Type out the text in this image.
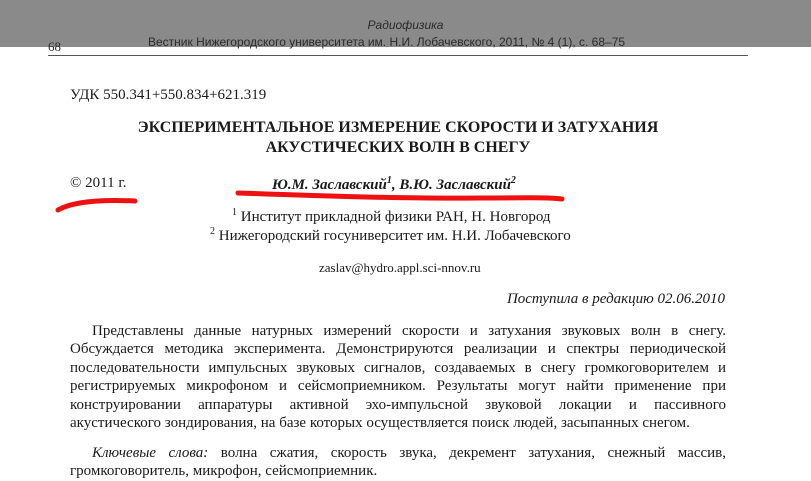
Радиофизика
Вестник Нижегородского университета им. Н.И. Лобачевского, 2011, № 4 (1), с. 68–75
68
УДК 550.341+550.834+621.319
ЭКСПЕРИМЕНТАЛЬНОЕ ИЗМЕРЕНИЕ СКОРОСТИ И ЗАТУХАНИЯ
АКУСТИЧЕСКИХ ВОЛН В СНЕГУ
© 2011 г.	Ю.М. Заславский$^1$, В.Ю. Заславский$^2$
$^1$ Институт прикладной физики РАН, Н. Новгород
$^2$ Нижегородский госуниверситет им. Н.И. Лобачевского
zaslav@hydro.appl.sci-nnov.ru
Поступила в редакцию 02.06.2010

Представлены данные натурных измерений скорости и затухания звуковых волн в снегу. Обсуждается методика эксперимента. Демонстрируются реализации и спектры периодической последовательности импульсных звуковых сигналов, создаваемых в снегу громкоговорителем и регистрируемых микрофоном и сейсмоприемником. Результаты могут найти применение при конструировании аппаратуры активной эхо-импульсной звуковой локации и пассивного акустического зондирования, на базе которых осуществляется поиск людей, засыпанных снегом.

Ключевые слова: волна сжатия, скорость звука, декремент затухания, снежный массив, громкоговоритель, микрофон, сейсмоприемник.
